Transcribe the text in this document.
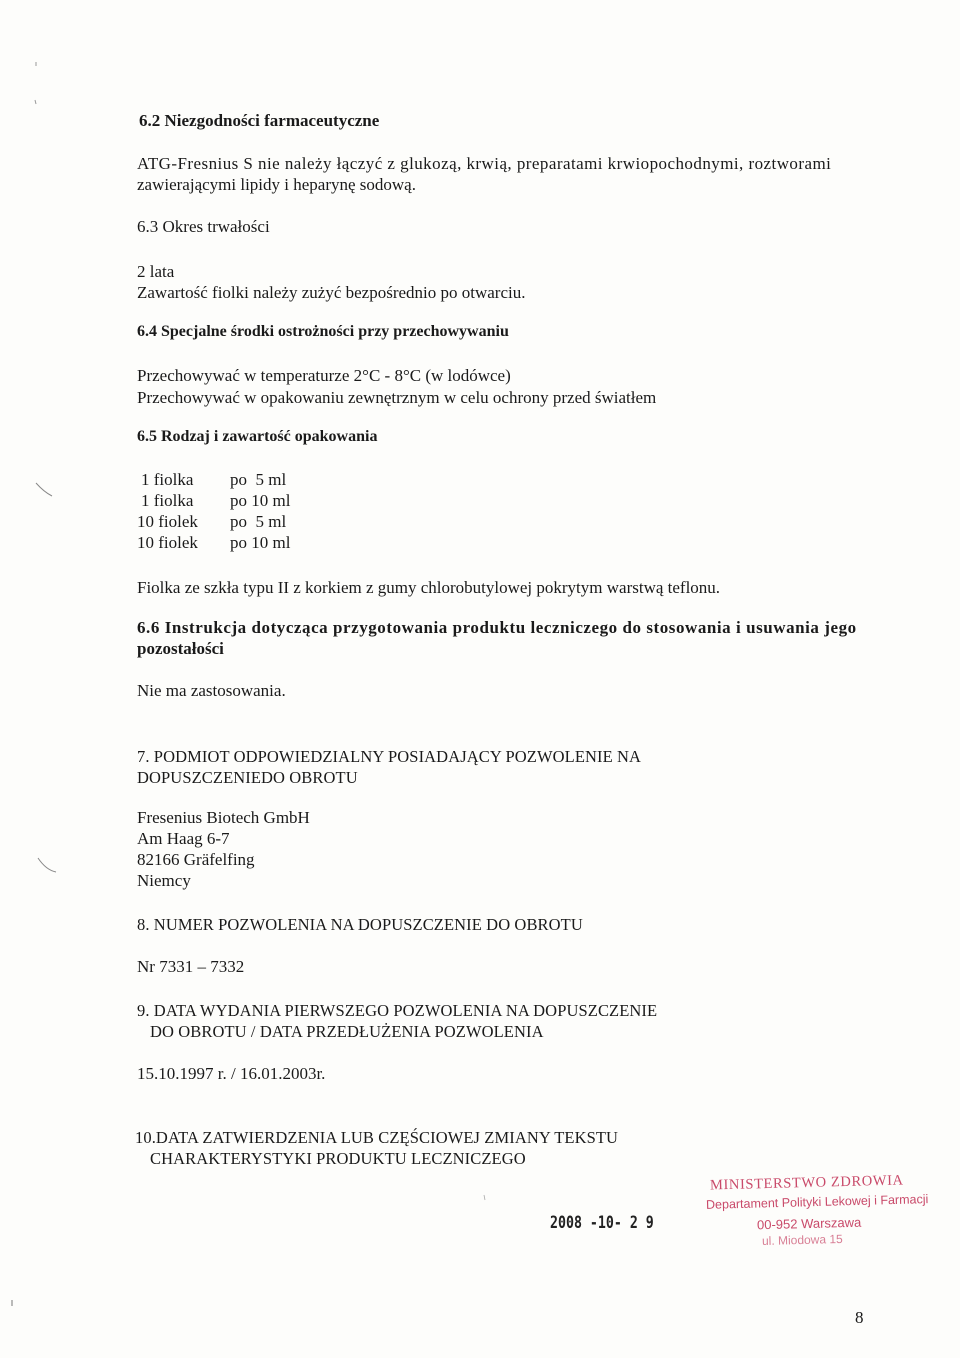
6.2 Niezgodności farmaceutyczne
ATG-Fresnius S nie należy łączyć z glukozą, krwią, preparatami krwiopochodnymi, roztworami
zawierającymi lipidy i heparynę sodową.
6.3 Okres trwałości
2 lata
Zawartość fiolki należy zużyć bezpośrednio po otwarciu.
6.4 Specjalne środki ostrożności przy przechowywaniu
Przechowywać w temperaturze 2°C - 8°C (w lodówce)
Przechowywać w opakowaniu zewnętrznym w celu ochrony przed światłem
6.5 Rodzaj i zawartość opakowania
1 fiolka po  5 ml
1 fiolka po 10 ml
10 fiolek po  5 ml
10 fiolek po 10 ml
Fiolka ze szkła typu II z korkiem z gumy chlorobutylowej pokrytym warstwą teflonu.
6.6 Instrukcja dotycząca przygotowania produktu leczniczego do stosowania i usuwania jego
pozostałości
Nie ma zastosowania.
7. PODMIOT ODPOWIEDZIALNY POSIADAJĄCY POZWOLENIE NA
DOPUSZCZENIEDO OBROTU
Fresenius Biotech GmbH
Am Haag 6-7
82166 Gräfelfing
Niemcy
8. NUMER POZWOLENIA NA DOPUSZCZENIE DO OBROTU
Nr 7331 – 7332
9. DATA WYDANIA PIERWSZEGO POZWOLENIA NA DOPUSZCZENIE
DO OBROTU / DATA PRZEDŁUŻENIA POZWOLENIA
15.10.1997 r. / 16.01.2003r.
10.DATA ZATWIERDZENIA LUB CZĘŚCIOWEJ ZMIANY TEKSTU
CHARAKTERYSTYKI PRODUKTU LECZNICZEGO
2008 -10- 2 9
MINISTERSTWO ZDROWIA
Departament Polityki Lekowej i Farmacji
00-952 Warszawa
ul. Miodowa 15
8
